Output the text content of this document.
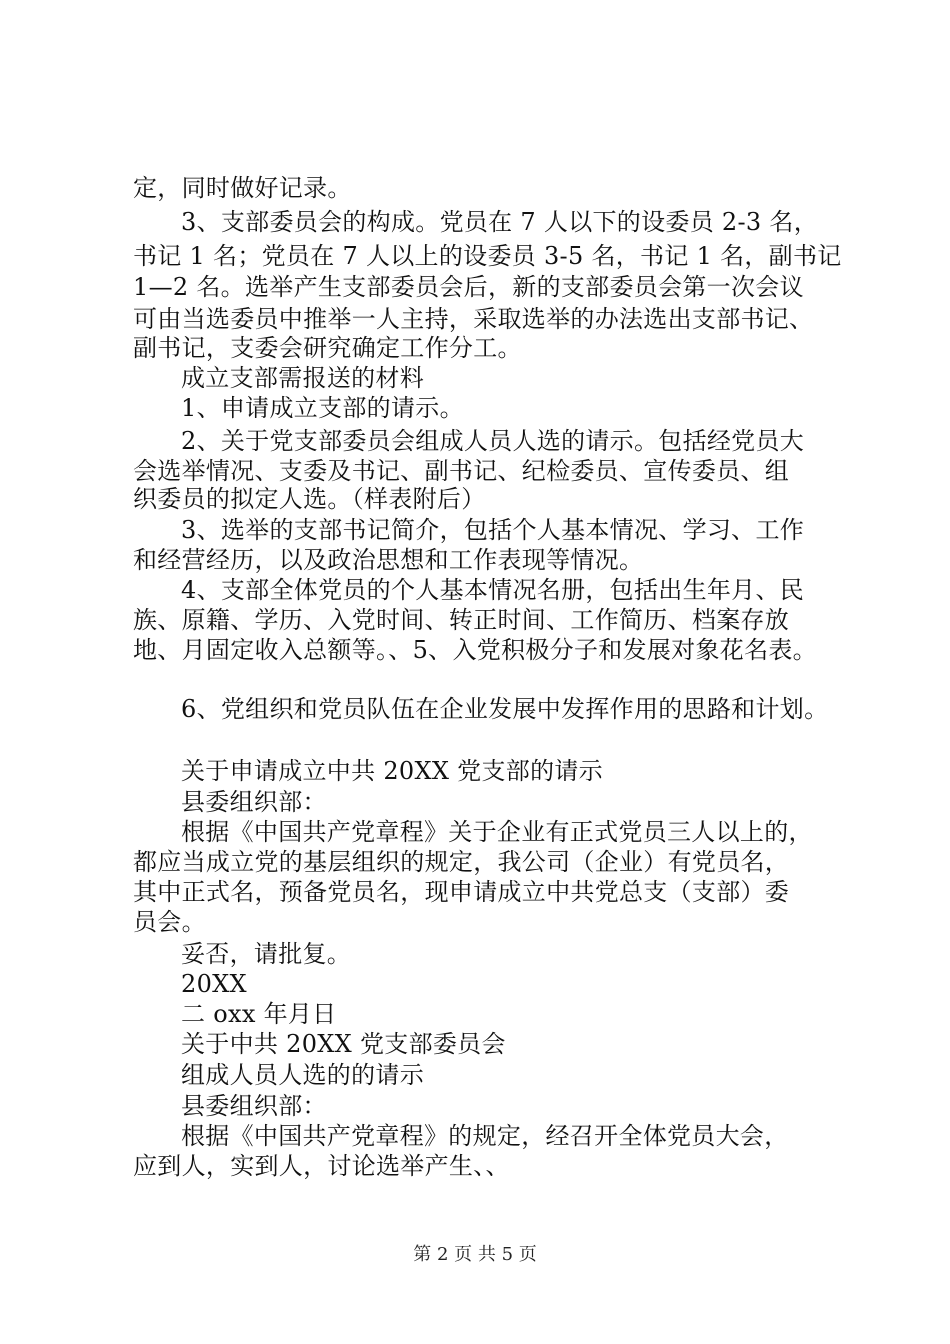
定，同时做好记录。
3、支部委员会的构成。党员在 7 人以下的设委员 2-3 名，
书记 1 名；党员在 7 人以上的设委员 3-5 名，书记 1 名，副书记
1—2 名。选举产生支部委员会后，新的支部委员会第一次会议
可由当选委员中推举一人主持，采取选举的办法选出支部书记、
副书记，支委会研究确定工作分工。
成立支部需报送的材料
1、申请成立支部的请示。
2、关于党支部委员会组成人员人选的请示。包括经党员大
会选举情况、支委及书记、副书记、纪检委员、宣传委员、组
织委员的拟定人选。（样表附后）
3、选举的支部书记简介，包括个人基本情况、学习、工作
和经营经历，以及政治思想和工作表现等情况。
4、支部全体党员的个人基本情况名册，包括出生年月、民
族、原籍、学历、入党时间、转正时间、工作简历、档案存放
地、月固定收入总额等。、5、入党积极分子和发展对象花名表。
6、党组织和党员队伍在企业发展中发挥作用的思路和计划。
关于申请成立中共 20XX 党支部的请示
县委组织部：
根据《中国共产党章程》关于企业有正式党员三人以上的，
都应当成立党的基层组织的规定，我公司（企业）有党员名，
其中正式名，预备党员名，现申请成立中共党总支（支部）委
员会。
妥否，请批复。
20XX
二 oxx 年月日
关于中共 20XX 党支部委员会
组成人员人选的的请示
县委组织部：
根据《中国共产党章程》的规定，经召开全体党员大会，
应到人，实到人，讨论选举产生、、
第 2 页 共 5 页
